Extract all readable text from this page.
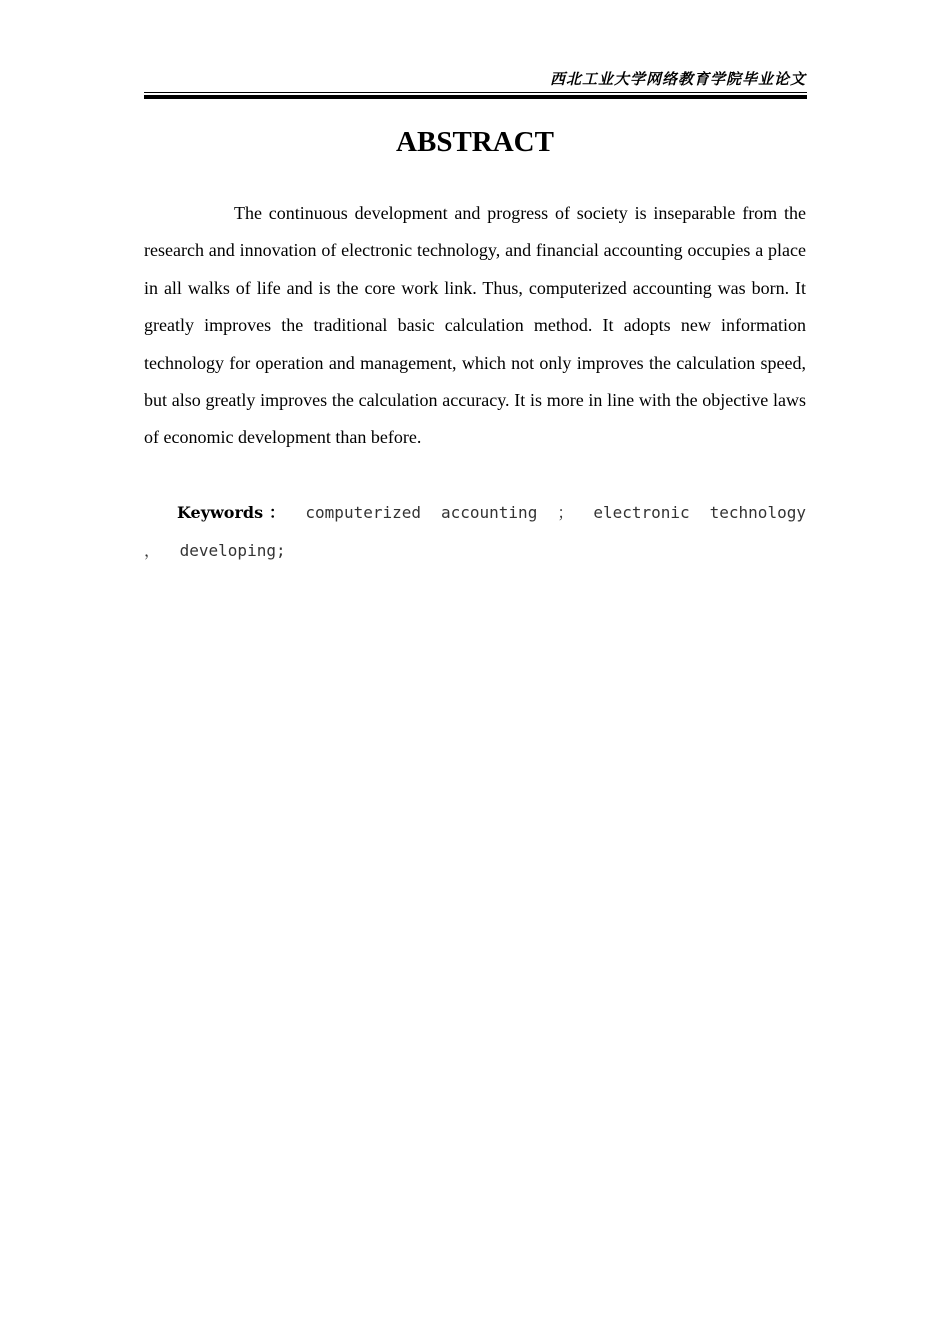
西北工业大学网络教育学院毕业论文
ABSTRACT

The continuous development and progress of society is inseparable from the research and innovation of electronic technology, and financial accounting occupies a place in all walks of life and is the core work link. Thus, computerized accounting was born. It greatly improves the traditional basic calculation method. It adopts new information technology for operation and management, which not only improves the calculation speed, but also greatly improves the calculation accuracy. It is more in line with the objective laws of economic development than before.

Keywords ： computerized accounting ； electronic technology ， developing;
